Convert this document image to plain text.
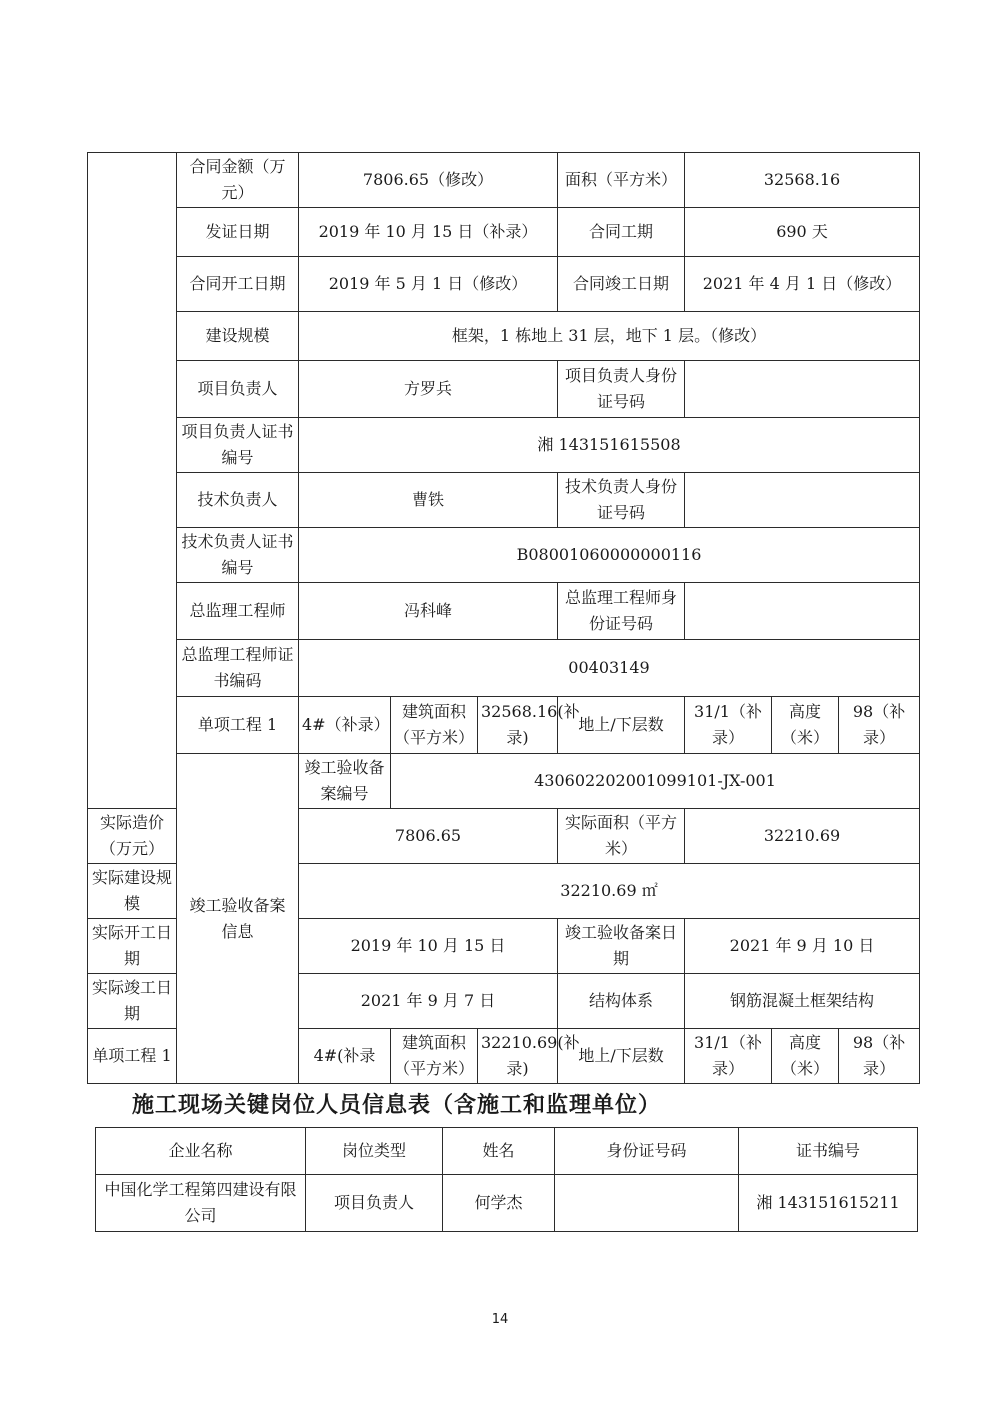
	合同金额（万元）	7806.65（修改）			面积（平方米）	32568.16		
	发证日期	2019 年 10 月 15 日（补录）			合同工期	690 天		
	合同开工日期	2019 年 5 月 1 日（修改）			合同竣工日期	2021 年 4 月 1 日（修改）		
	建设规模	框架，1 栋地上 31 层，地下 1 层。（修改）						
	项目负责人	方罗兵			项目负责人身份证号码			
	项目负责人证书编号	湘 143151615508						
	技术负责人	曹铁			技术负责人身份证号码			
	技术负责人证书编号	B08001060000000116						
	总监理工程师	冯科峰			总监理工程师身份证号码			
	总监理工程师证书编码	00403149						
	单项工程 1	4#（补录）	建筑面积（平方米）	32568.16(补录)	地上/下层数	31/1（补录）	高度（米）	98（补录）
	竣工验收备案信息	竣工验收备案编号	430602202001099101-JX-001					
实际造价（万元）		7806.65			实际面积（平方米）	32210.69		
实际建设规模		32210.69 ㎡						
实际开工日期		2019 年 10 月 15 日			竣工验收备案日期	2021 年 9 月 10 日		
实际竣工日期		2021 年 9 月 7 日			结构体系	钢筋混凝土框架结构		
单项工程 1		4#(补录	建筑面积（平方米）	32210.69(补录)	地上/下层数	31/1（补录）	高度（米）	98（补录）
施工现场关键岗位人员信息表（含施工和监理单位）
企业名称	岗位类型	姓名	身份证号码	证书编号
中国化学工程第四建设有限公司	项目负责人	何学杰		湘 143151615211
14
